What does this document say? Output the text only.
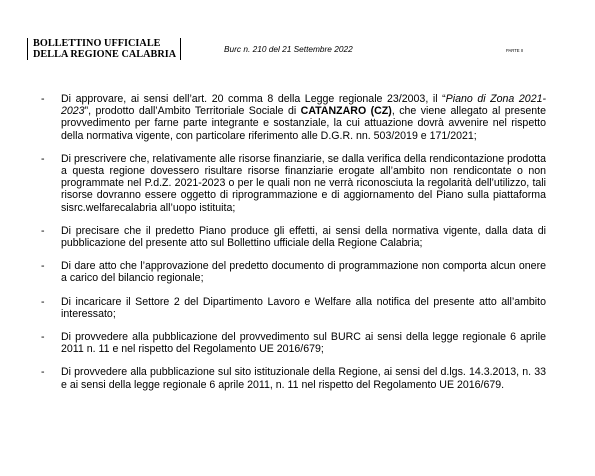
BOLLETTINO UFFICIALE
DELLA REGIONE CALABRIA	Burc n. 210 del 21 Settembre 2022	PARTE II
- Di approvare, ai sensi dell’art. 20 comma 8 della Legge regionale 23/2003, il “Piano di Zona 2021-2023”, prodotto dall’Ambito Territoriale Sociale di CATANZARO (CZ), che viene allegato al presente provvedimento per farne parte integrante e sostanziale, la cui attuazione dovrà avvenire nel rispetto della normativa vigente, con particolare riferimento alle D.G.R. nn. 503/2019 e 171/2021;

- Di prescrivere che, relativamente alle risorse finanziarie, se dalla verifica della rendicontazione prodotta a questa regione dovessero risultare risorse finanziarie erogate all’ambito non rendicontate o non programmate nel P.d.Z. 2021-2023 o per le quali non ne verrà riconosciuta la regolarità dell’utilizzo, tali risorse dovranno essere oggetto di riprogrammazione e di aggiornamento del Piano sulla piattaforma sisrc.welfarecalabria all’uopo istituita;

- Di precisare che il predetto Piano produce gli effetti, ai sensi della normativa vigente, dalla data di pubblicazione del presente atto sul Bollettino ufficiale della Regione Calabria;

- Di dare atto che l’approvazione del predetto documento di programmazione non comporta alcun onere a carico del bilancio regionale;

- Di incaricare il Settore 2 del Dipartimento Lavoro e Welfare alla notifica del presente atto all’ambito interessato;

- Di provvedere alla pubblicazione del provvedimento sul BURC ai sensi della legge regionale 6 aprile 2011 n. 11 e nel rispetto del Regolamento UE 2016/679;

- Di provvedere alla pubblicazione sul sito istituzionale della Regione, ai sensi del d.lgs. 14.3.2013, n. 33 e ai sensi della legge regionale 6 aprile 2011, n. 11 nel rispetto del Regolamento UE 2016/679.
